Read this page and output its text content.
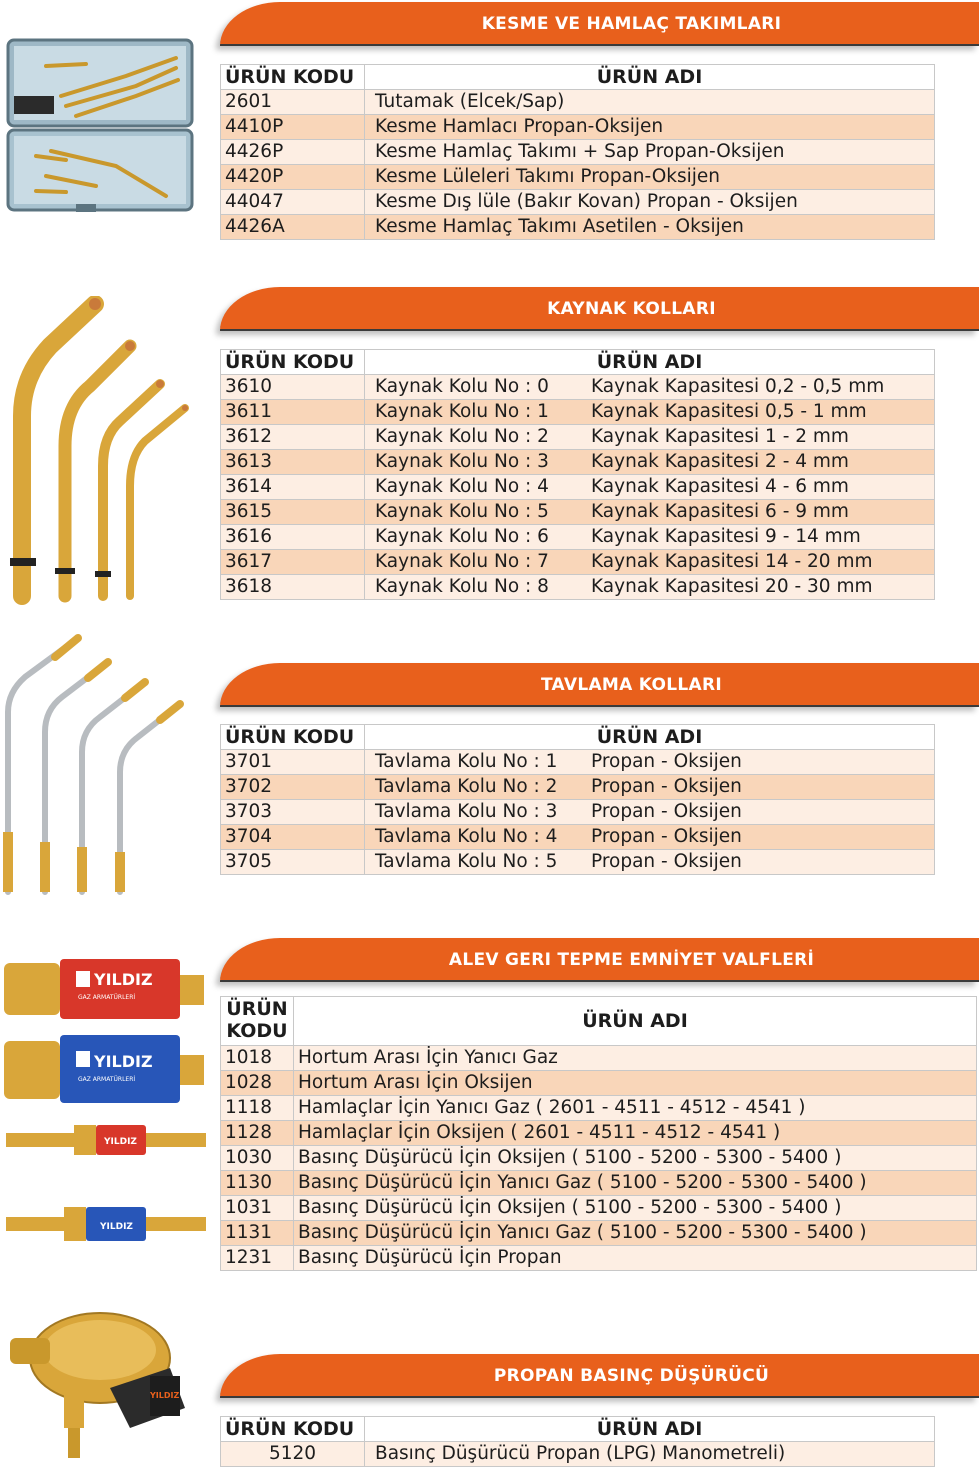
KESME VE HAMLAÇ TAKIMLARI
ÜRÜN KODU	ÜRÜN ADI
2601	Tutamak (Elcek/Sap)
4410P	Kesme Hamlacı Propan-Oksijen
4426P	Kesme Hamlaç Takımı + Sap Propan-Oksijen
4420P	Kesme Lüleleri Takımı Propan-Oksijen
44047	Kesme Dış lüle (Bakır Kovan) Propan - Oksijen
4426A	Kesme Hamlaç Takımı Asetilen - Oksijen
KAYNAK KOLLARI
ÜRÜN KODU	ÜRÜN ADI
3610	Kaynak Kolu No : 0 Kaynak Kapasitesi 0,2 - 0,5 mm
3611	Kaynak Kolu No : 1 Kaynak Kapasitesi 0,5 - 1 mm
3612	Kaynak Kolu No : 2 Kaynak Kapasitesi 1 - 2 mm
3613	Kaynak Kolu No : 3 Kaynak Kapasitesi 2 - 4 mm
3614	Kaynak Kolu No : 4 Kaynak Kapasitesi 4 - 6 mm
3615	Kaynak Kolu No : 5 Kaynak Kapasitesi 6 - 9 mm
3616	Kaynak Kolu No : 6 Kaynak Kapasitesi 9 - 14 mm
3617	Kaynak Kolu No : 7 Kaynak Kapasitesi 14 - 20 mm
3618	Kaynak Kolu No : 8 Kaynak Kapasitesi 20 - 30 mm
TAVLAMA KOLLARI
ÜRÜN KODU	ÜRÜN ADI
3701	Tavlama Kolu No : 1 Propan - Oksijen
3702	Tavlama Kolu No : 2 Propan - Oksijen
3703	Tavlama Kolu No : 3 Propan - Oksijen
3704	Tavlama Kolu No : 4 Propan - Oksijen
3705	Tavlama Kolu No : 5 Propan - Oksijen
ALEV GERI TEPME EMNİYET VALFLERİ
YILDIZ
GAZ ARMATÜRLERİ
YILDIZ
GAZ ARMATÜRLERİ
YILDIZ
YILDIZ
ÜRÜN
KODU	ÜRÜN ADI
1018	Hortum Arası İçin Yanıcı Gaz
1028	Hortum Arası İçin Oksijen
1118	Hamlaçlar İçin Yanıcı Gaz ( 2601 - 4511 - 4512 - 4541 )
1128	Hamlaçlar İçin Oksijen ( 2601 - 4511 - 4512 - 4541 )
1030	Basınç Düşürücü İçin Oksijen ( 5100 - 5200 - 5300 - 5400 )
1130	Basınç Düşürücü İçin Yanıcı Gaz ( 5100 - 5200 - 5300 - 5400 )
1031	Basınç Düşürücü İçin Oksijen ( 5100 - 5200 - 5300 - 5400 )
1131	Basınç Düşürücü İçin Yanıcı Gaz ( 5100 - 5200 - 5300 - 5400 )
1231	Basınç Düşürücü İçin Propan
PROPAN BASINÇ DÜŞÜRÜCÜ
YILDIZ
ÜRÜN KODU	ÜRÜN ADI
5120	Basınç Düşürücü Propan (LPG) Manometreli)
